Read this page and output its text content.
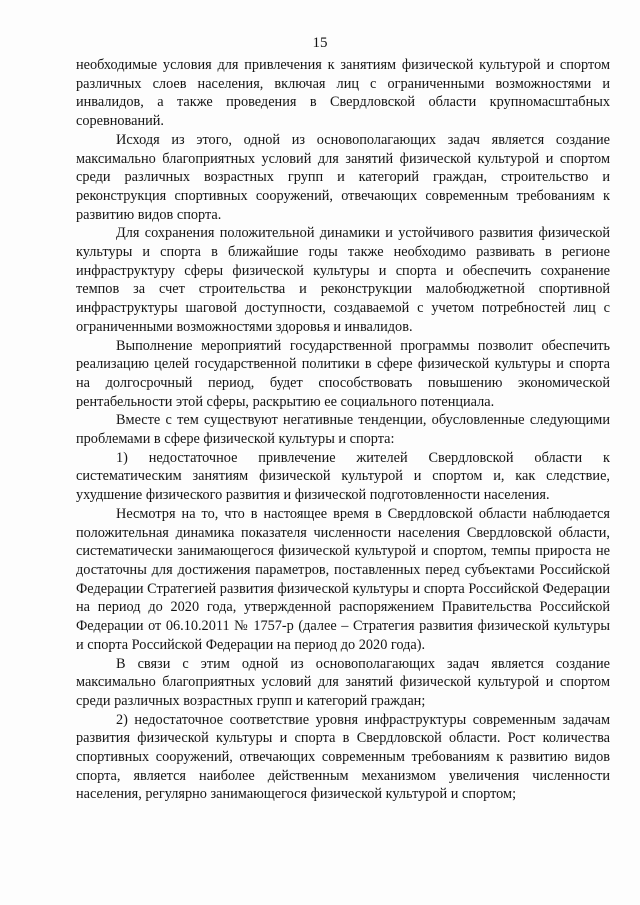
15

необходимые условия для привлечения к занятиям физической культурой и спортом различных слоев населения, включая лиц с ограниченными возможностями и инвалидов, а также проведения в Свердловской области крупномасштабных соревнований.

Исходя из этого, одной из основополагающих задач является создание максимально благоприятных условий для занятий физической культурой и спортом среди различных возрастных групп и категорий граждан, строительство и реконструкция спортивных сооружений, отвечающих современным требованиям к развитию видов спорта.

Для сохранения положительной динамики и устойчивого развития физической культуры и спорта в ближайшие годы также необходимо развивать в регионе инфраструктуру сферы физической культуры и спорта и обеспечить сохранение темпов за счет строительства и реконструкции малобюджетной спортивной инфраструктуры шаговой доступности, создаваемой с учетом потребностей лиц с ограниченными возможностями здоровья и инвалидов.

Выполнение мероприятий государственной программы позволит обеспечить реализацию целей государственной политики в сфере физической культуры и спорта на долгосрочный период, будет способствовать повышению экономической рентабельности этой сферы, раскрытию ее социального потенциала.

Вместе с тем существуют негативные тенденции, обусловленные следующими проблемами в сфере физической культуры и спорта:

1) недостаточное привлечение жителей Свердловской области к систематическим занятиям физической культурой и спортом и, как следствие, ухудшение физического развития и физической подготовленности населения.

Несмотря на то, что в настоящее время в Свердловской области наблюдается положительная динамика показателя численности населения Свердловской области, систематически занимающегося физической культурой и спортом, темпы прироста не достаточны для достижения параметров, поставленных перед субъектами Российской Федерации Стратегией развития физической культуры и спорта Российской Федерации на период до 2020 года, утвержденной распоряжением Правительства Российской Федерации от 06.10.2011 № 1757-р (далее – Стратегия развития физической культуры и спорта Российской Федерации на период до 2020 года).

В связи с этим одной из основополагающих задач является создание максимально благоприятных условий для занятий физической культурой и спортом среди различных возрастных групп и категорий граждан;

2) недостаточное соответствие уровня инфраструктуры современным задачам развития физической культуры и спорта в Свердловской области. Рост количества спортивных сооружений, отвечающих современным требованиям к развитию видов спорта, является наиболее действенным механизмом увеличения численности населения, регулярно занимающегося физической культурой и спортом;
